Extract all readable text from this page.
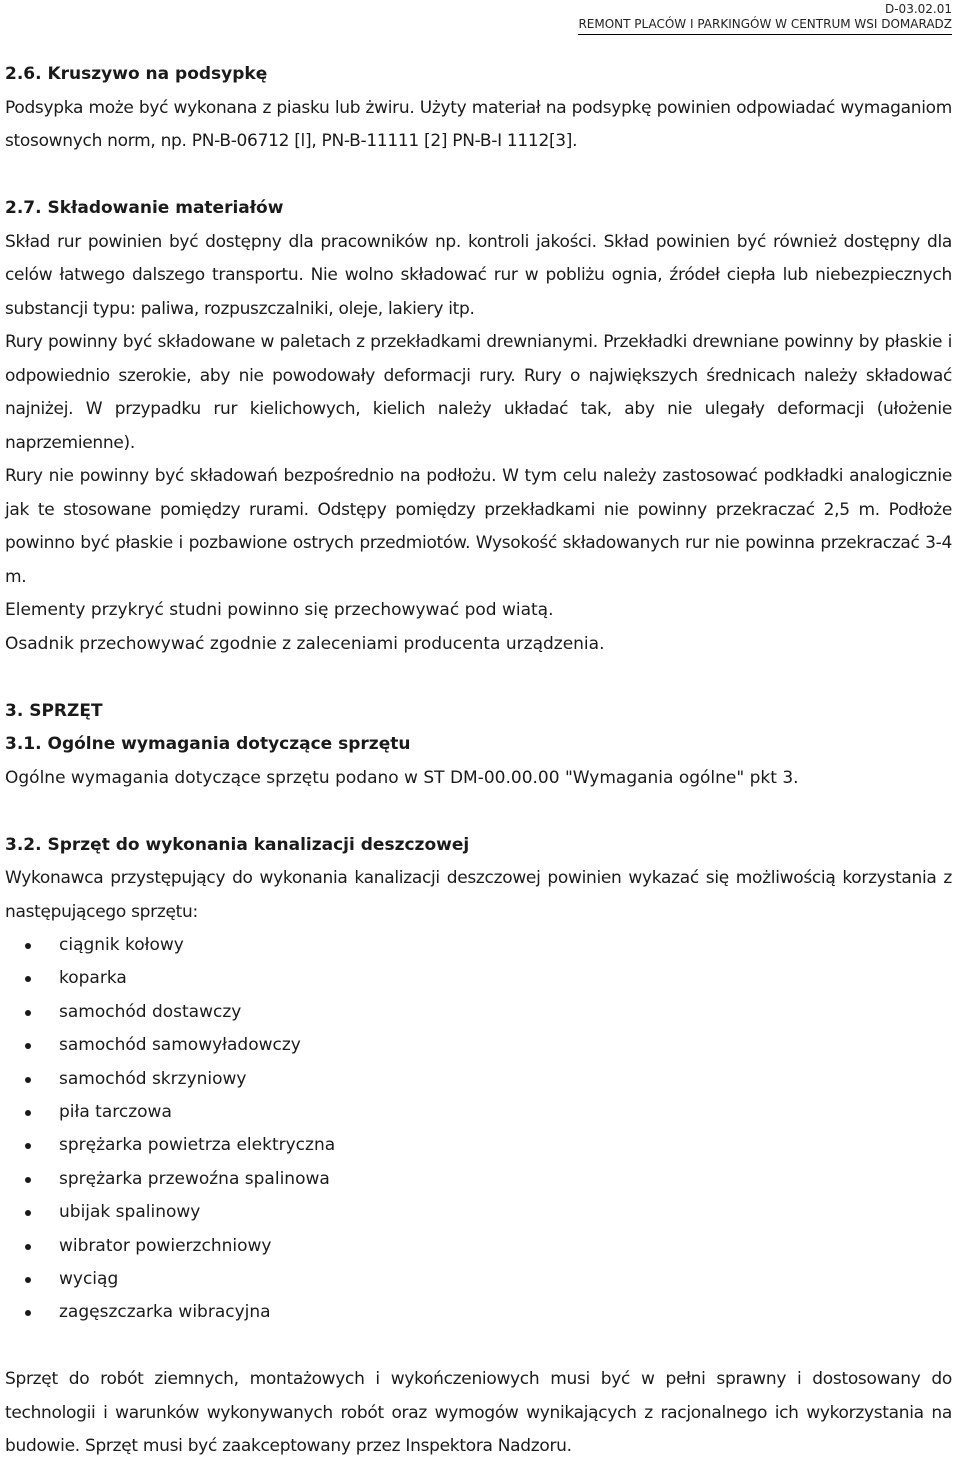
D-03.02.01
REMONT PLACÓW I PARKINGÓW W CENTRUM WSI DOMARADZ
2.6. Kruszywo na podsypkę

Podsypka może być wykonana z piasku lub żwiru. Użyty materiał na podsypkę powinien odpowiadać wymaganiom stosownych norm, np. PN-B-06712 [l], PN-B-11111 [2] PN-B-I 1112[3].

2.7. Składowanie materiałów

Skład rur powinien być dostępny dla pracowników np. kontroli jakości. Skład powinien być również dostępny dla celów łatwego dalszego transportu. Nie wolno składować rur w pobliżu ognia, źródeł ciepła lub niebezpiecznych substancji typu: paliwa, rozpuszczalniki, oleje, lakiery itp.

Rury powinny być składowane w paletach z przekładkami drewnianymi. Przekładki drewniane powinny by płaskie i odpowiednio szerokie, aby nie powodowały deformacji rury. Rury o największych średnicach należy składować najniżej. W przypadku rur kielichowych, kielich należy układać tak, aby nie ulegały deformacji (ułożenie naprzemienne).

Rury nie powinny być składowań bezpośrednio na podłożu. W tym celu należy zastosować podkładki analogicznie jak te stosowane pomiędzy rurami. Odstępy pomiędzy przekładkami nie powinny przekraczać 2,5 m. Podłoże powinno być płaskie i pozbawione ostrych przedmiotów. Wysokość składowanych rur nie powinna przekraczać 3-4 m.

Elementy przykryć studni powinno się przechowywać pod wiatą.

Osadnik przechowywać zgodnie z zaleceniami producenta urządzenia.

3. SPRZĘT
3.1. Ogólne wymagania dotyczące sprzętu

Ogólne wymagania dotyczące sprzętu podano w ST DM-00.00.00 "Wymagania ogólne" pkt 3.

3.2. Sprzęt do wykonania kanalizacji deszczowej

Wykonawca przystępujący do wykonania kanalizacji deszczowej powinien wykazać się możliwością korzystania z następującego sprzętu:

ciągnik kołowy
koparka
samochód dostawczy
samochód samowyładowczy
samochód skrzyniowy
piła tarczowa
sprężarka powietrza elektryczna
sprężarka przewoźna spalinowa
ubijak spalinowy
wibrator powierzchniowy
wyciąg
zagęszczarka wibracyjna

Sprzęt do robót ziemnych, montażowych i wykończeniowych musi być w pełni sprawny i dostosowany do technologii i warunków wykonywanych robót oraz wymogów wynikających z racjonalnego ich wykorzystania na budowie. Sprzęt musi być zaakceptowany przez Inspektora Nadzoru.
